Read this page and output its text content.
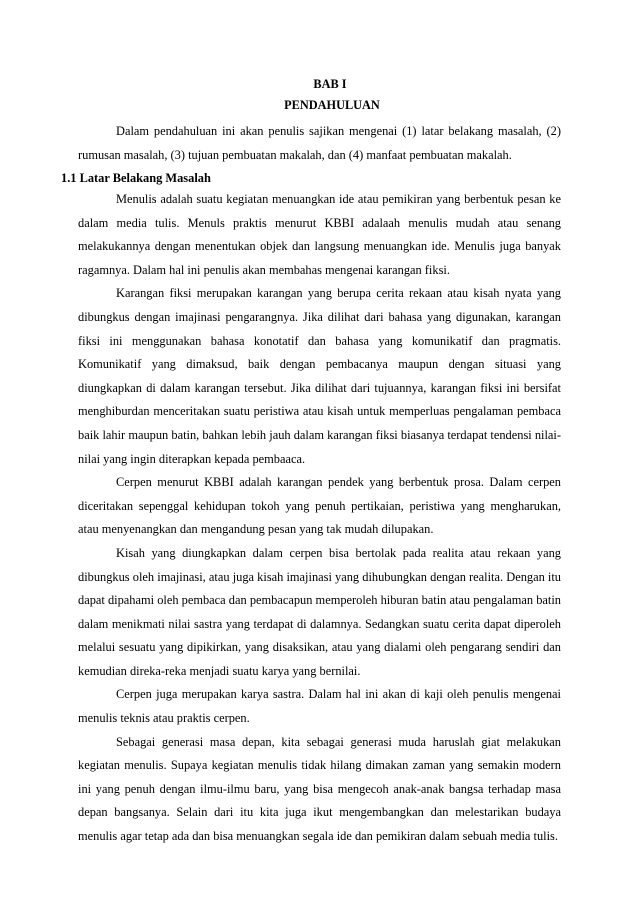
BAB I
PENDAHULUAN

Dalam pendahuluan ini akan penulis sajikan mengenai (1) latar belakang masalah, (2) rumusan masalah, (3) tujuan pembuatan makalah, dan (4) manfaat pembuatan makalah.

1.1 Latar Belakang Masalah

Menulis adalah suatu kegiatan menuangkan ide atau pemikiran yang berbentuk pesan ke dalam media tulis. Menuls praktis menurut KBBI adalaah menulis mudah atau senang melakukannya dengan menentukan objek dan langsung menuangkan ide. Menulis juga banyak ragamnya. Dalam hal ini penulis akan membahas mengenai karangan fiksi.

Karangan fiksi merupakan karangan yang berupa cerita rekaan atau kisah nyata yang dibungkus dengan imajinasi pengarangnya. Jika dilihat dari bahasa yang digunakan, karangan fiksi ini menggunakan bahasa konotatif dan bahasa yang komunikatif dan pragmatis. Komunikatif yang dimaksud, baik dengan pembacanya maupun dengan situasi yang diungkapkan di dalam karangan tersebut. Jika dilihat dari tujuannya, karangan fiksi ini bersifat menghiburdan menceritakan suatu peristiwa atau kisah untuk memperluas pengalaman pembaca baik lahir maupun batin, bahkan lebih jauh dalam karangan fiksi biasanya terdapat tendensi nilai-nilai yang ingin diterapkan kepada pembaaca.

Cerpen menurut KBBI adalah karangan pendek yang berbentuk prosa. Dalam cerpen diceritakan sepenggal kehidupan tokoh yang penuh pertikaian, peristiwa yang mengharukan, atau menyenangkan dan mengandung pesan yang tak mudah dilupakan.

Kisah yang diungkapkan dalam cerpen bisa bertolak pada realita atau rekaan yang dibungkus oleh imajinasi, atau juga kisah imajinasi yang dihubungkan dengan realita. Dengan itu dapat dipahami oleh pembaca dan pembacapun memperoleh hiburan batin atau pengalaman batin dalam menikmati nilai sastra yang terdapat di dalamnya. Sedangkan suatu cerita dapat diperoleh melalui sesuatu yang dipikirkan, yang disaksikan, atau yang dialami oleh pengarang sendiri dan kemudian direka-reka menjadi suatu karya yang bernilai.

Cerpen juga merupakan karya sastra. Dalam hal ini akan di kaji oleh penulis mengenai menulis teknis atau praktis cerpen.

Sebagai generasi masa depan, kita sebagai generasi muda haruslah giat melakukan kegiatan menulis. Supaya kegiatan menulis tidak hilang dimakan zaman yang semakin modern ini yang penuh dengan ilmu-ilmu baru, yang bisa mengecoh anak-anak bangsa terhadap masa depan bangsanya. Selain dari itu kita juga ikut mengembangkan dan melestarikan budaya menulis agar tetap ada dan bisa menuangkan segala ide dan pemikiran dalam sebuah media tulis.
